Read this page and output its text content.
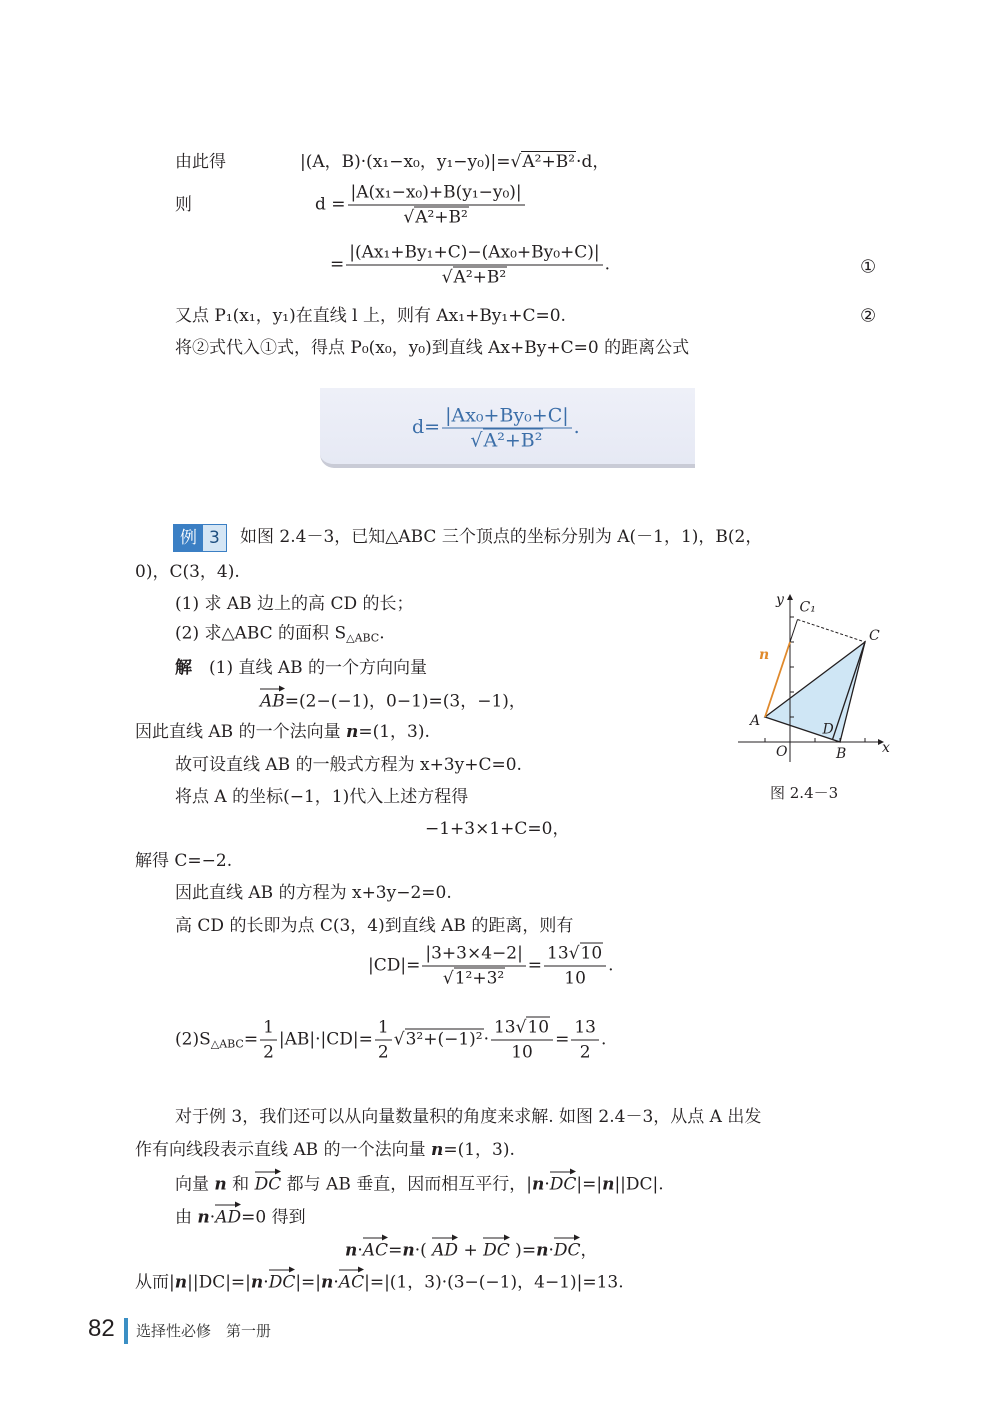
由此得
则
①
②
例 3
y C₁
C
n
A
D
O	B	x
图 2.4－3
82 选择性必修　第一册
|(A，B)·(x₁−x₀，y₁−y₀)|=√A²+B²·d，
$d = \frac{\text{|A(x₁−x₀)+B(y₁−y₀)|}}{\text{√A²+B²}}$
= $\frac{\text{|(Ax₁+By₁+C)−(Ax₀+By₀+C)|}}{\text{√A²+B²}}$ .
又点 P₁(x₁，y₁)在直线 l 上，则有 Ax₁+By₁+C=0.
将②式代入①式，得点 P₀(x₀，y₀)到直线 Ax+By+C=0 的距离公式
$d= \frac{\text{|Ax₀+By₀+C|}}{\text{√A²+B²}}$ .
如图 2.4－3，已知△ABC 三个顶点的坐标分别为 A(－1，1)，B(2，
0)，C(3，4).
(1) 求 AB 边上的高 CD 的长；
(2) 求△ABC 的面积 $S_{\triangle ABC}$.
解　(1) 直线 AB 的一个方向向量
AB=(2−(−1)，0−1)=(3，−1)，
因此直线 AB 的一个法向量 n=(1，3).
故可设直线 AB 的一般式方程为 x+3y+C=0.
将点 A 的坐标(−1，1)代入上述方程得
−1+3×1+C=0，
解得 C=−2.
因此直线 AB 的方程为 x+3y−2=0.
高 CD 的长即为点 C(3，4)到直线 AB 的距离，则有
$|CD|= \frac{|3+3\times 4-2|}{\text{√1²+3²}} = \frac{13√10}{10}$ .
$(2)S_{\triangle ABC}= \frac{1}{2} |AB|\cdot|CD|= \frac{1}{2} √3^2+(-1)^2\cdot \frac{13√10}{10} = \frac{13}{2}$ .
对于例 3，我们还可以从向量数量积的角度来求解. 如图 2.4－3，从点 A 出发
作有向线段表示直线 AB 的一个法向量 n=(1，3).
向量 n 和 DC 都与 AB 垂直，因而相互平行，|n·DC|=|n||DC|.
由 n·AD=0 得到
n·AC=n·( AD + DC )=n·DC，
从而|n||DC|=|n·DC|=|n·AC|=|(1，3)·(3−(−1)，4−1)|=13.
